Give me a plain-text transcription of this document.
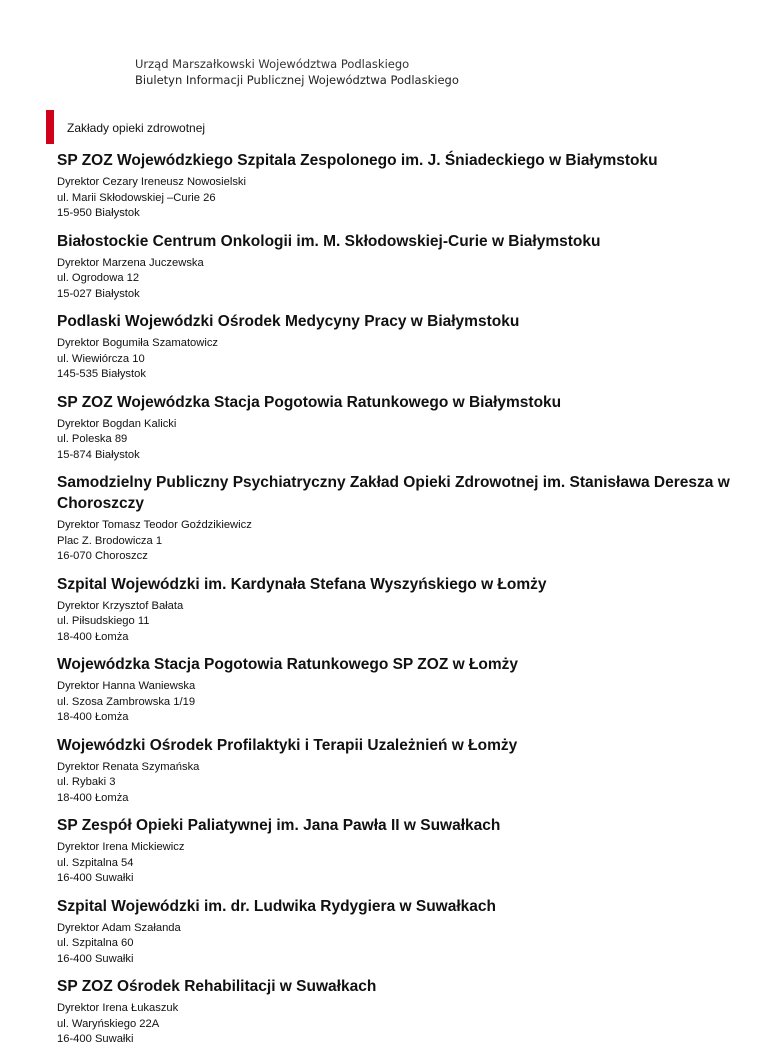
Urząd Marszałkowski Województwa Podlaskiego
Biuletyn Informacji Publicznej Województwa Podlaskiego
Zakłady opieki zdrowotnej
SP ZOZ Wojewódzkiego Szpitala Zespolonego im. J. Śniadeckiego w Białymstoku
Dyrektor Cezary Ireneusz Nowosielski
ul. Marii Skłodowskiej –Curie 26
15-950 Białystok
Białostockie Centrum Onkologii im. M. Skłodowskiej-Curie w Białymstoku
Dyrektor Marzena Juczewska
ul. Ogrodowa 12
15-027 Białystok
Podlaski Wojewódzki Ośrodek Medycyny Pracy w Białymstoku
Dyrektor Bogumiła Szamatowicz
ul. Wiewiórcza 10
145-535 Białystok
SP ZOZ Wojewódzka Stacja Pogotowia Ratunkowego w Białymstoku
Dyrektor Bogdan Kalicki
ul. Poleska 89
15-874 Białystok
Samodzielny Publiczny Psychiatryczny Zakład Opieki Zdrowotnej im. Stanisława Deresza w Choroszczy
Dyrektor Tomasz Teodor Goździkiewicz
Plac Z. Brodowicza 1
16-070 Choroszcz
Szpital Wojewódzki im. Kardynała Stefana Wyszyńskiego w Łomży
Dyrektor Krzysztof Bałata
ul. Piłsudskiego 11
18-400 Łomża
Wojewódzka Stacja Pogotowia Ratunkowego SP ZOZ w Łomży
Dyrektor Hanna Waniewska
ul. Szosa Zambrowska 1/19
18-400 Łomża
Wojewódzki Ośrodek Profilaktyki i Terapii Uzależnień w Łomży
Dyrektor Renata Szymańska
ul. Rybaki 3
18-400 Łomża
SP Zespół Opieki Paliatywnej im. Jana Pawła II w Suwałkach
Dyrektor Irena Mickiewicz
ul. Szpitalna 54
16-400 Suwałki
Szpital Wojewódzki im. dr. Ludwika Rydygiera w Suwałkach
Dyrektor Adam Szałanda
ul. Szpitalna 60
16-400 Suwałki
SP ZOZ Ośrodek Rehabilitacji w Suwałkach
Dyrektor Irena Łukaszuk
ul. Waryńskiego 22A
16-400 Suwałki
